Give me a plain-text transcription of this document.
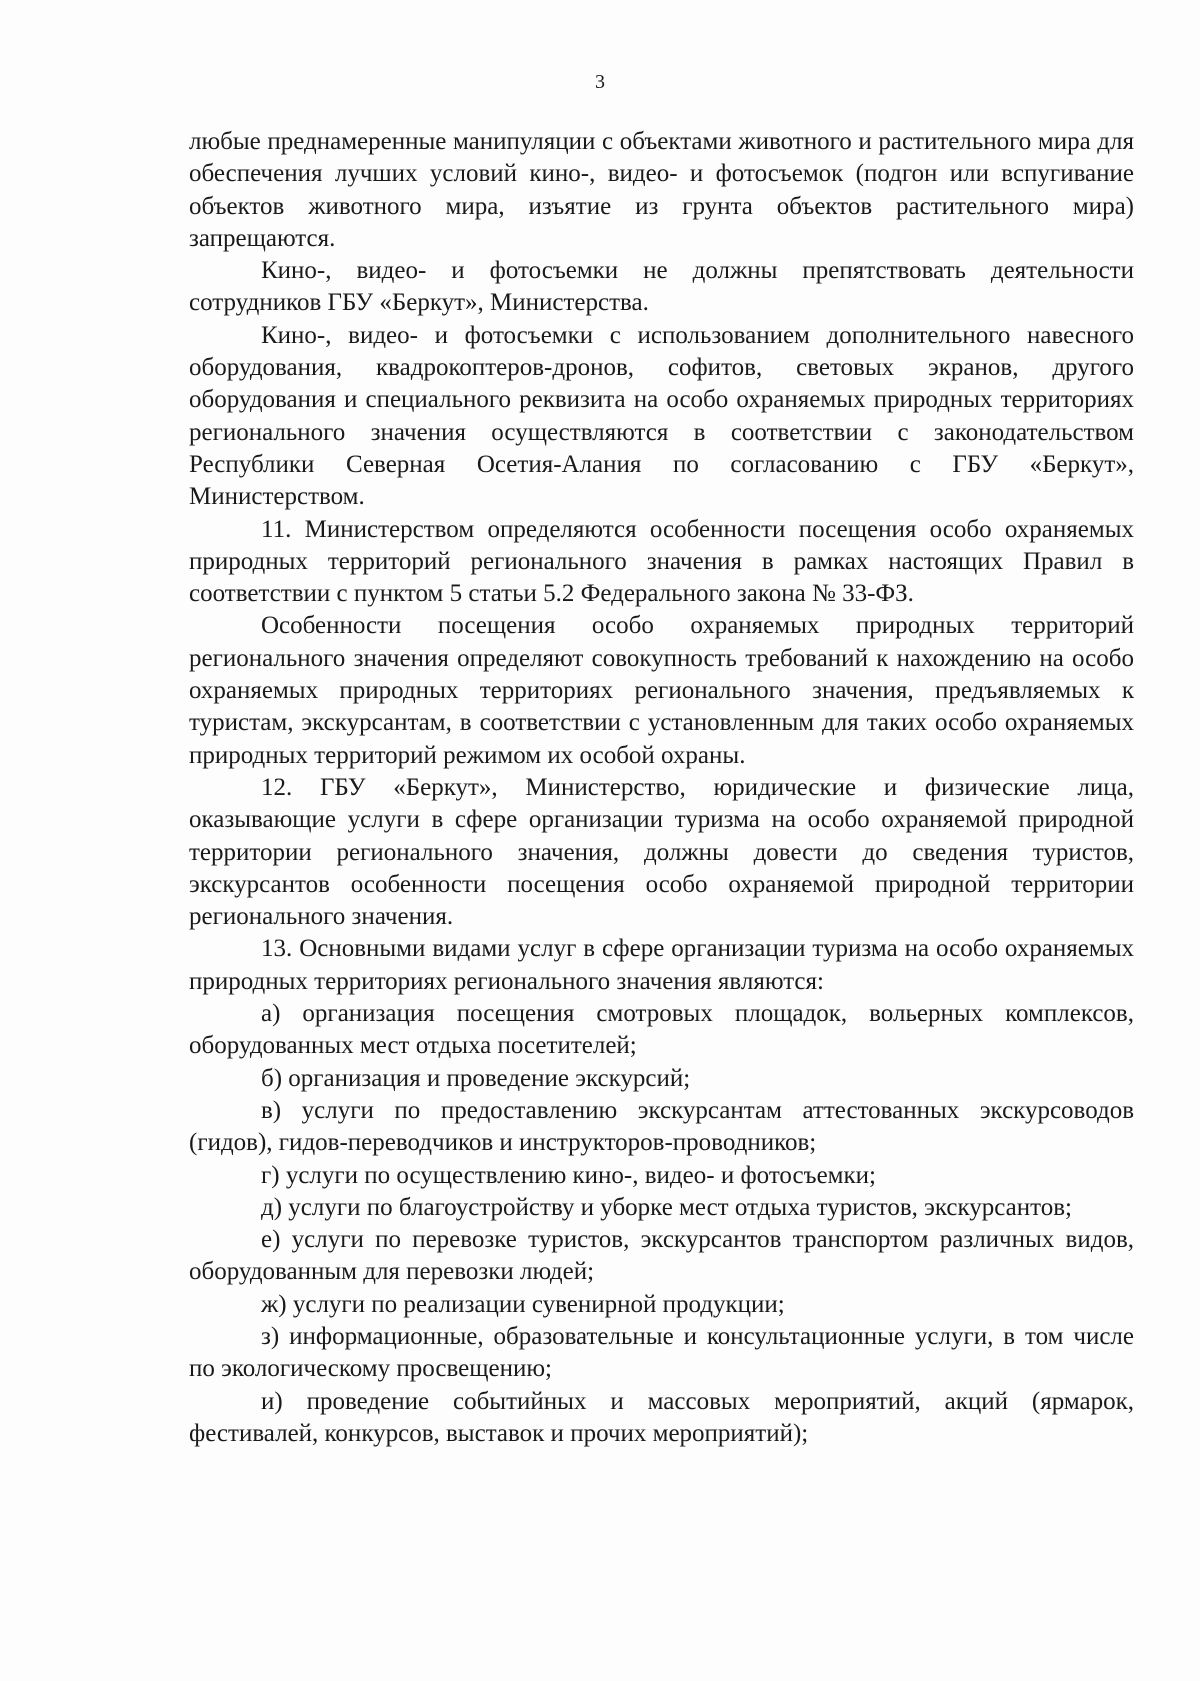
3

любые преднамеренные манипуляции с объектами животного и растительного мира для обеспечения лучших условий кино-, видео- и фотосъемок (подгон или вспугивание объектов животного мира, изъятие из грунта объектов растительного мира) запрещаются.

Кино-, видео- и фотосъемки не должны препятствовать деятельности сотрудников ГБУ «Беркут», Министерства.

Кино-, видео- и фотосъемки с использованием дополнительного навесного оборудования, квадрокоптеров-дронов, софитов, световых экранов, другого оборудования и специального реквизита на особо охраняемых природных территориях регионального значения осуществляются в соответствии с законодательством Республики Северная Осетия-Алания по согласованию с ГБУ «Беркут», Министерством.

11. Министерством определяются особенности посещения особо охраняемых природных территорий регионального значения в рамках настоящих Правил в соответствии с пунктом 5 статьи 5.2 Федерального закона № 33-ФЗ.

Особенности посещения особо охраняемых природных территорий регионального значения определяют совокупность требований к нахождению на особо охраняемых природных территориях регионального значения, предъявляемых к туристам, экскурсантам, в соответствии с установленным для таких особо охраняемых природных территорий режимом их особой охраны.

12. ГБУ «Беркут», Министерство, юридические и физические лица, оказывающие услуги в сфере организации туризма на особо охраняемой природной территории регионального значения, должны довести до сведения туристов, экскурсантов особенности посещения особо охраняемой природной территории регионального значения.

13. Основными видами услуг в сфере организации туризма на особо охраняемых природных территориях регионального значения являются:

а) организация посещения смотровых площадок, вольерных комплексов, оборудованных мест отдыха посетителей;

б) организация и проведение экскурсий;

в) услуги по предоставлению экскурсантам аттестованных экскурсоводов (гидов), гидов-переводчиков и инструкторов-проводников;

г) услуги по осуществлению кино-, видео- и фотосъемки;

д) услуги по благоустройству и уборке мест отдыха туристов, экскурсантов;

е) услуги по перевозке туристов, экскурсантов транспортом различных видов, оборудованным для перевозки людей;

ж) услуги по реализации сувенирной продукции;

з) информационные, образовательные и консультационные услуги, в том числе по экологическому просвещению;

и) проведение событийных и массовых мероприятий, акций (ярмарок, фестивалей, конкурсов, выставок и прочих мероприятий);
